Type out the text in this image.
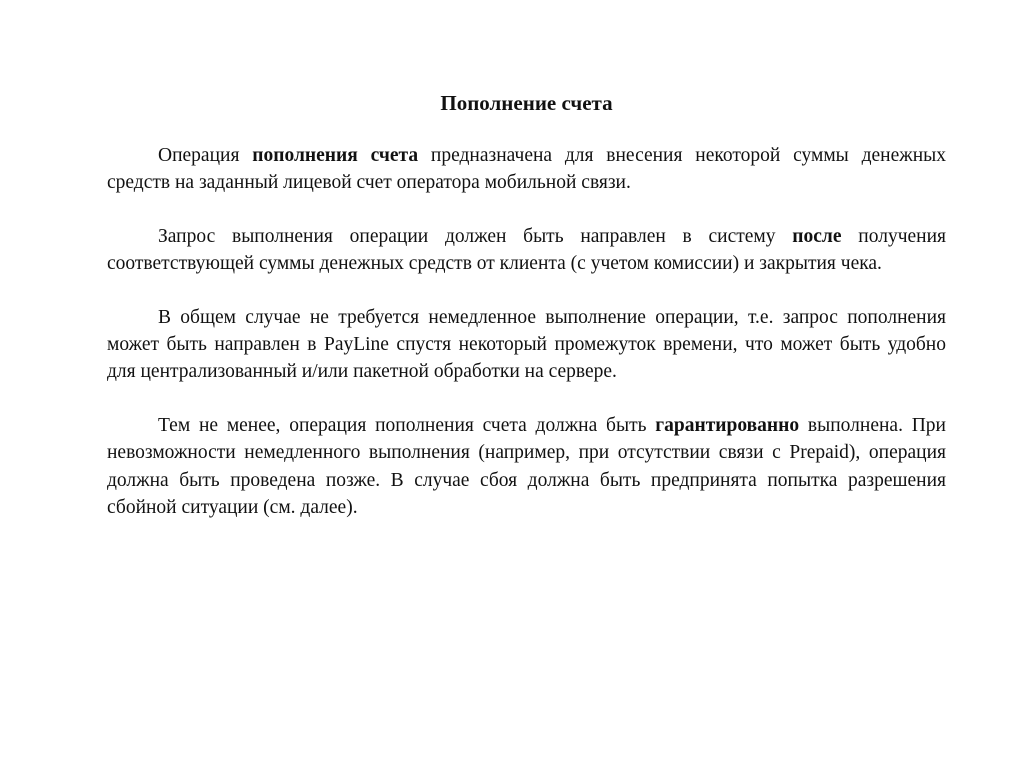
Пополнение счета

Операция пополнения счета предназначена для внесения некоторой суммы денежных средств на заданный лицевой счет оператора мобильной связи.

Запрос выполнения операции должен быть направлен в систему после получения соответствующей суммы денежных средств от клиента (с учетом комиссии) и закрытия чека.

В общем случае не требуется немедленное выполнение операции, т.е. запрос пополнения может быть направлен в PayLine спустя некоторый промежуток времени, что может быть удобно для централизованный и/или пакетной обработки на сервере.

Тем не менее, операция пополнения счета должна быть гарантированно выполнена. При невозможности немедленного выполнения (например, при отсутствии связи с Prepaid), операция должна быть проведена позже. В случае сбоя должна быть предпринята попытка разрешения сбойной ситуации (см. далее).
